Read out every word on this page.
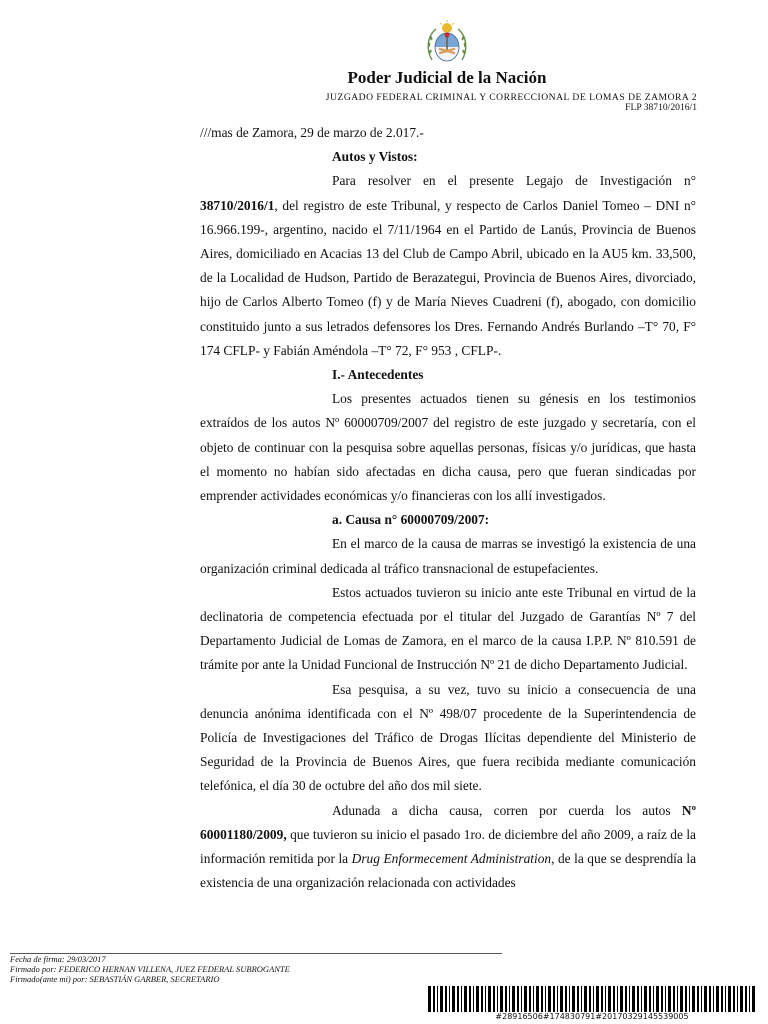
Poder Judicial de la Nación
JUZGADO FEDERAL CRIMINAL Y CORRECCIONAL DE LOMAS DE ZAMORA 2
FLP 38710/2016/1

///mas de Zamora, 29 de marzo de 2.017.-

Autos y Vistos:

Para resolver en el presente Legajo de Investigación n° 38710/2016/1, del registro de este Tribunal, y respecto de Carlos Daniel Tomeo – DNI n° 16.966.199-, argentino, nacido el 7/11/1964 en el Partido de Lanús, Provincia de Buenos Aires, domiciliado en Acacias 13 del Club de Campo Abril, ubicado en la AU5 km. 33,500, de la Localidad de Hudson, Partido de Berazategui, Provincia de Buenos Aires, divorciado, hijo de Carlos Alberto Tomeo (f) y de María Nieves Cuadreni (f), abogado, con domicilio constituido junto a sus letrados defensores los Dres. Fernando Andrés Burlando –T° 70, F° 174 CFLP- y Fabián Améndola –T° 72, F° 953 , CFLP-.

I.- Antecedentes

Los presentes actuados tienen su génesis en los testimonios extraídos de los autos Nº 60000709/2007 del registro de este juzgado y secretaría, con el objeto de continuar con la pesquisa sobre aquellas personas, físicas y/o jurídicas, que hasta el momento no habían sido afectadas en dicha causa, pero que fueran sindicadas por emprender actividades económicas y/o financieras con los allí investigados.

a. Causa n° 60000709/2007:

En el marco de la causa de marras se investigó la existencia de una organización criminal dedicada al tráfico transnacional de estupefacientes.

Estos actuados tuvieron su inicio ante este Tribunal en virtud de la declinatoria de competencia efectuada por el titular del Juzgado de Garantías Nº 7 del Departamento Judicial de Lomas de Zamora, en el marco de la causa I.P.P. Nº 810.591 de trámite por ante la Unidad Funcional de Instrucción Nº 21 de dicho Departamento Judicial.

Esa pesquisa, a su vez, tuvo su inicio a consecuencia de una denuncia anónima identificada con el Nº 498/07 procedente de la Superintendencia de Policía de Investigaciones del Tráfico de Drogas Ilícitas dependiente del Ministerio de Seguridad de la Provincia de Buenos Aires, que fuera recibida mediante comunicación telefónica, el día 30 de octubre del año dos mil siete.

Adunada a dicha causa, corren por cuerda los autos Nº 60001180/2009, que tuvieron su inicio el pasado 1ro. de diciembre del año 2009, a raíz de la información remitida por la Drug Enformecement Administration, de la que se desprendía la existencia de una organización relacionada con actividades

Fecha de firma: 29/03/2017
Firmado por: FEDERICO HERNAN VILLENA, JUEZ FEDERAL SUBROGANTE
Firmado(ante mi) por: SEBASTIÁN GARBER, SECRETARIO
#28916506#174830791#20170329145539005
